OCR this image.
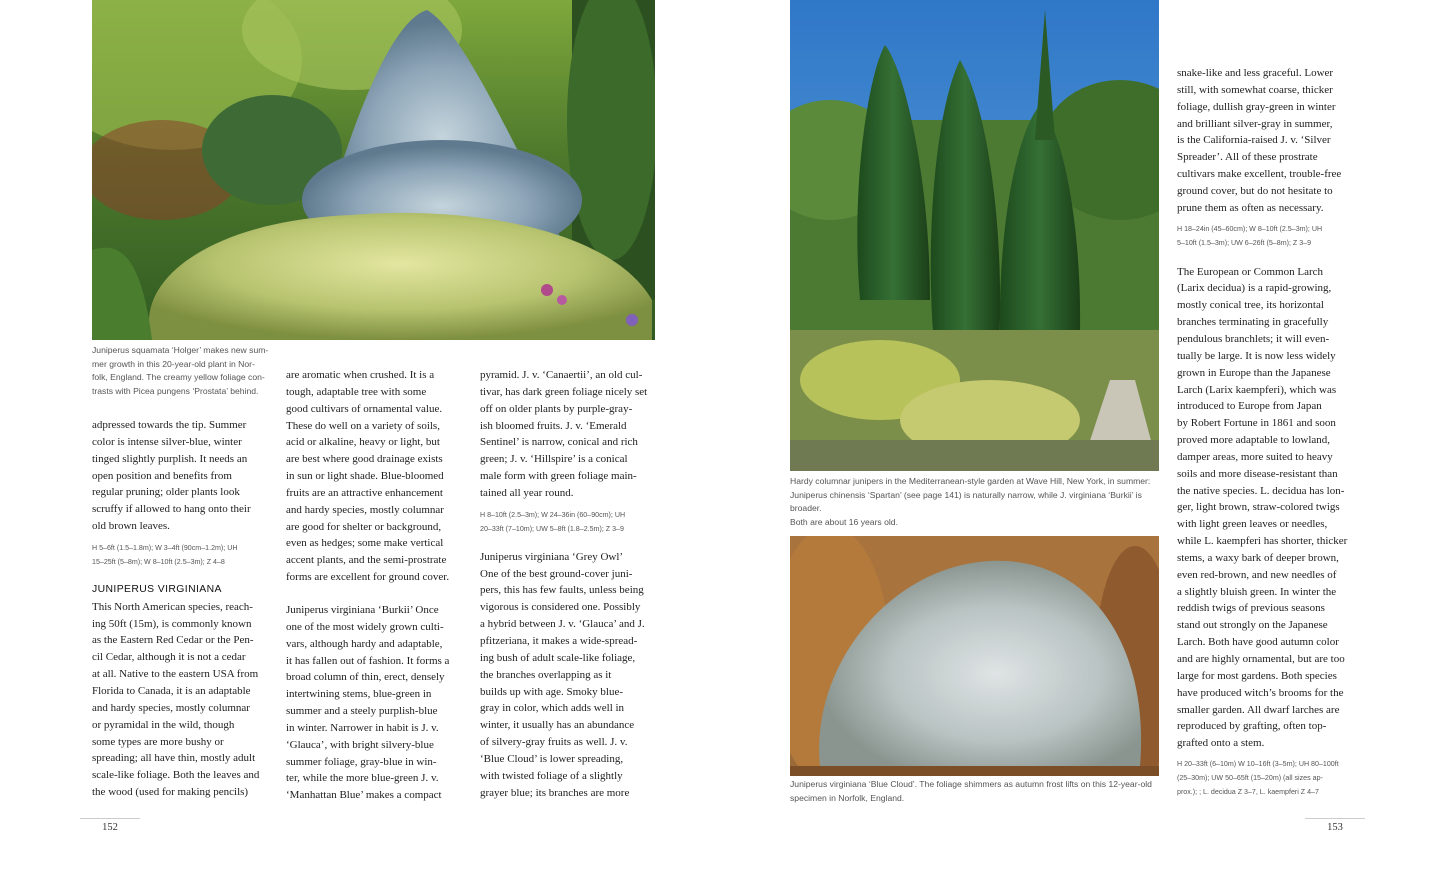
Juniperus squamata ‘Holger’ makes new sum-
mer growth in this 20-year-old plant in Nor-
folk, England. The creamy yellow foliage con-
trasts with Picea pungens ‘Prostata’ behind.

adpressed towards the tip. Summer

color is intense silver-blue, winter

tinged slightly purplish. It needs an

open position and benefits from

regular pruning; older plants look

scruffy if allowed to hang onto their

old brown leaves.

H 5–6ft (1.5–1.8m); W 3–4ft (90cm–1.2m); UH

15–25ft (5–8m); W 8–10ft (2.5–3m); Z 4–8

JUNIPERUS VIRGINIANA

This North American species, reach-

ing 50ft (15m), is commonly known

as the Eastern Red Cedar or the Pen-

cil Cedar, although it is not a cedar

at all. Native to the eastern USA from

Florida to Canada, it is an adaptable

and hardy species, mostly columnar

or pyramidal in the wild, though

some types are more bushy or

spreading; all have thin, mostly adult

scale-like foliage. Both the leaves and

the wood (used for making pencils)

are aromatic when crushed. It is a

tough, adaptable tree with some

good cultivars of ornamental value.

These do well on a variety of soils,

acid or alkaline, heavy or light, but

are best where good drainage exists

in sun or light shade. Blue-bloomed

fruits are an attractive enhancement

and hardy species, mostly columnar

are good for shelter or background,

even as hedges; some make vertical

accent plants, and the semi-prostrate

forms are excellent for ground cover.

Juniperus virginiana ‘Burkii’ Once

one of the most widely grown culti-

vars, although hardy and adaptable,

it has fallen out of fashion. It forms a

broad column of thin, erect, densely

intertwining stems, blue-green in

summer and a steely purplish-blue

in winter. Narrower in habit is J. v.

‘Glauca’, with bright silvery-blue

summer foliage, gray-blue in win-

ter, while the more blue-green J. v.

‘Manhattan Blue’ makes a compact

pyramid. J. v. ‘Canaertii’, an old cul-

tivar, has dark green foliage nicely set

off on older plants by purple-gray-

ish bloomed fruits. J. v. ‘Emerald

Sentinel’ is narrow, conical and rich

green; J. v. ‘Hillspire’ is a conical

male form with green foliage main-

tained all year round.

H 8–10ft (2.5–3m); W 24–36in (60–90cm); UH

20–33ft (7–10m); UW 5–8ft (1.8–2.5m); Z 3–9

Juniperus virginiana ‘Grey Owl’

One of the best ground-cover juni-

pers, this has few faults, unless being

vigorous is considered one. Possibly

a hybrid between J. v. ‘Glauca’ and J.

pfitzeriana, it makes a wide-spread-

ing bush of adult scale-like foliage,

the branches overlapping as it

builds up with age. Smoky blue-

gray in color, which adds well in

winter, it usually has an abundance

of silvery-gray fruits as well. J. v.

‘Blue Cloud’ is lower spreading,

with twisted foliage of a slightly

grayer blue; its branches are more

152
Hardy columnar junipers in the Mediterranean-style garden at Wave Hill, New York, in summer:
Juniperus chinensis ‘Spartan’ (see page 141) is naturally narrow, while J. virginiana ‘Burkii’ is broader.
Both are about 16 years old.
Juniperus virginiana ‘Blue Cloud’. The foliage shimmers as autumn frost lifts on this 12-year-old
specimen in Norfolk, England.

snake-like and less graceful. Lower

still, with somewhat coarse, thicker

foliage, dullish gray-green in winter

and brilliant silver-gray in summer,

is the California-raised J. v. ‘Silver

Spreader’. All of these prostrate

cultivars make excellent, trouble-free

ground cover, but do not hesitate to

prune them as often as necessary.

H 18–24in (45–60cm); W 8–10ft (2.5–3m); UH

5–10ft (1.5–3m); UW 6–26ft (5–8m); Z 3–9

The European or Common Larch

(Larix decidua) is a rapid-growing,

mostly conical tree, its horizontal

branches terminating in gracefully

pendulous branchlets; it will even-

tually be large. It is now less widely

grown in Europe than the Japanese

Larch (Larix kaempferi), which was

introduced to Europe from Japan

by Robert Fortune in 1861 and soon

proved more adaptable to lowland,

damper areas, more suited to heavy

soils and more disease-resistant than

the native species. L. decidua has lon-

ger, light brown, straw-colored twigs

with light green leaves or needles,

while L. kaempferi has shorter, thicker

stems, a waxy bark of deeper brown,

even red-brown, and new needles of

a slightly bluish green. In winter the

reddish twigs of previous seasons

stand out strongly on the Japanese

Larch. Both have good autumn color

and are highly ornamental, but are too

large for most gardens. Both species

have produced witch’s brooms for the

smaller garden. All dwarf larches are

reproduced by grafting, often top-

grafted onto a stem.

H 20–33ft (6–10m) W 10–16ft (3–5m); UH 80–100ft

(25–30m); UW 50–65ft (15–20m) (all sizes ap-

prox.); ; L. decidua Z 3–7, L. kaempferi Z 4–7

153
